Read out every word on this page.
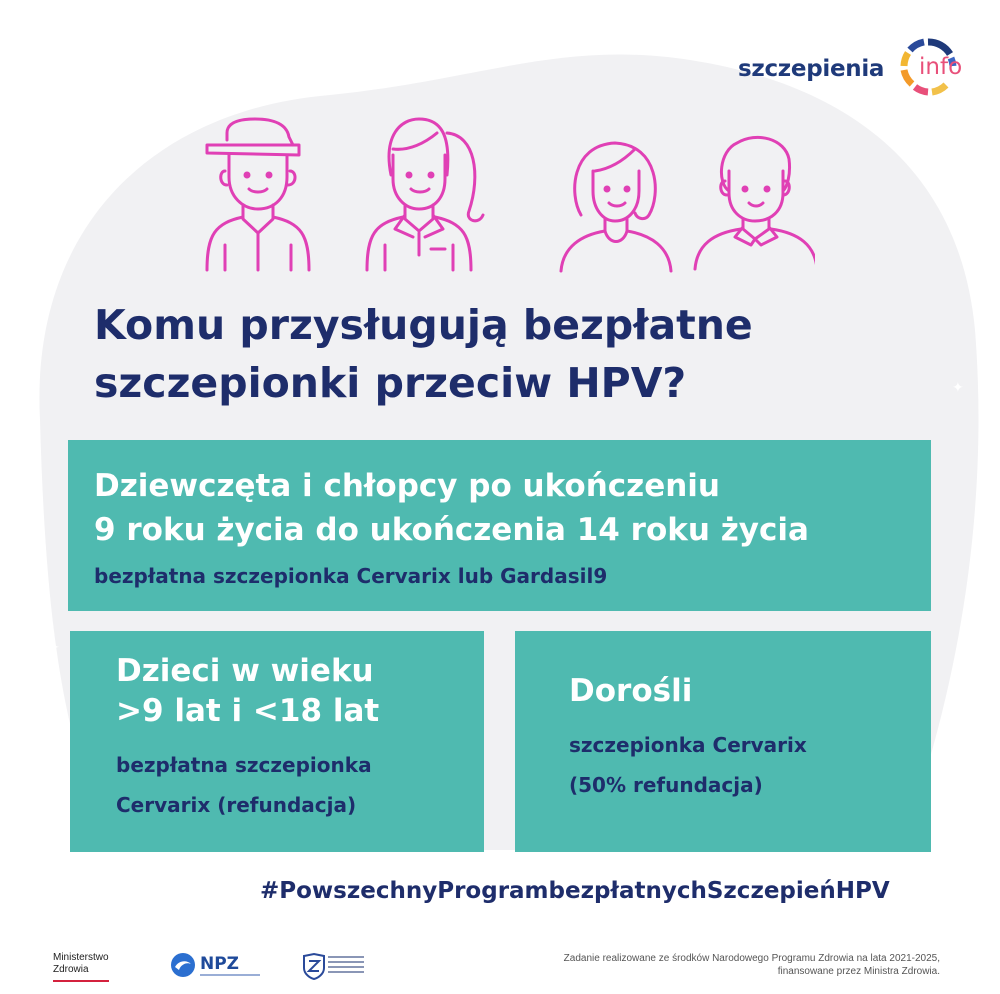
✦
✦
szczepienia info
Komu przysługują bezpłatne
szczepionki przeciw HPV?
Dziewczęta i chłopcy po ukończeniu
9 roku życia do ukończenia 14 roku życia
bezpłatna szczepionka Cervarix lub Gardasil9
Dzieci w wieku
>9 lat i <18 lat
bezpłatna szczepionka
Cervarix (refundacja)
Dorośli
szczepionka Cervarix
(50% refundacja)
#PowszechnyProgrambezpłatnychSzczepieńHPV
Ministerstwo
Zdrowia	NPZ	Zadanie realizowane ze środków Narodowego Programu Zdrowia na lata 2021-2025,
finansowane przez Ministra Zdrowia.
